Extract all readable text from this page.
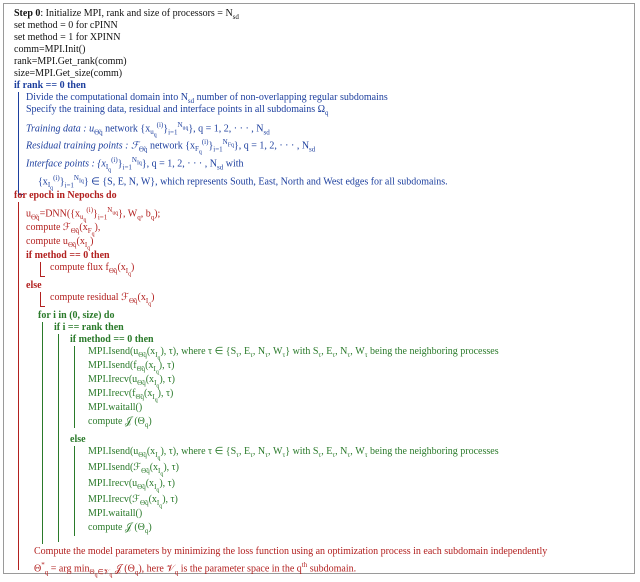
Step 0: Initialize MPI, rank and size of processors = $N_{sd}$
set method = 0 for cPINN
set method = 1 for XPINN
comm=MPI.Init()
rank=MPI.Get_rank(comm)
size=MPI.Get_size(comm)
if rank == 0 then
Divide the computational domain into $N_{sd}$ number of non-overlapping regular subdomains
Specify the training data, residual and interface points in all subdomains $\Omega_q$
Training data : $u_{\Thetãq}$ network $\{x_{u_q}^{(i)}\}_{i=1}^{N_{uq}}$}, q = 1, 2, · · · , $N_{sd}$
Residual training points : ℱ$_{\Thetãq}$ network $\{x_{F_q}^{(i)}\}_{i=1}^{N_{Fq}}$}, q = 1, 2, · · · , $N_{sd}$
Interface points : $\{x_{I_q}^{(i)}\}_{i=1}^{N_{Iq}}$}, q = 1, 2, · · · , $N_{sd}$ with
$\{x_{I_q}^{(i)}\}_{i=1}^{N_{Iq}}$} ∈ {S, E, N, W}, which represents South, East, North and West edges for all subdomains.
for epoch in Nepochs do
$u_{\Thetãq}=DNN(\{x_{u_q}^{(i)}\}_{i=1}^{N_{uq}}\}$, $W_q$, $b_q$);
compute $ℱ_{\Thetãq}(x_{F_q})$,
compute $u_{\Thetãq}(x_{I_q})$
if method == 0 then
compute flux $f_{\Thetãq}(x_{I_q})$
else
compute residual $ℱ_{\Thetãq}(x_{I_q})$
for i in (0, size) do
if i == rank then
if method == 0 then
$MPI.Isend(u_{\Thetãq}(x_{I_q})$, τ), where τ ∈ {$S_\tau$, $E_\tau$, $N_\tau$, $W_\tau$} with $S_\tau$, $E_\tau$, $N_\tau$, $W_\tau$ being the neighboring processes
$MPI.Isend(f_{\Thetãq}(x_{I_q})$, τ)
$MPI.Irecv(u_{\Thetãq}(x_{I_q})$, τ)
$MPI.Irecv(f_{\Thetãq}(x_{I_q})$, τ)
MPI.waitall()
compute 𝒥 $(\Theta_q)$
else
$MPI.Isend(u_{\Thetãq}(x_{I_q})$, τ), where τ ∈ {$S_\tau$, $E_\tau$, $N_\tau$, $W_\tau$} with $S_\tau$, $E_\tau$, $N_\tau$, $W_\tau$ being the neighboring processes
$MPI.Isend(ℱ_{\Thetãq}(x_{I_q})$, τ)
$MPI.Irecv(u_{\Thetãq}(x_{I_q})$, τ)
$MPI.Irecv(ℱ_{\Thetãq}(x_{I_q})$, τ)
MPI.waitall()
compute 𝒥 $(\Theta_q)$
Compute the model parameters by minimizing the loss function using an optimization process in each subdomain independently
$\Theta^*_q$ = arg $\min_{\Theta_q\in 𝒱_q}$ 𝒥 $(\Theta_q)$, here 𝒱$_q$ is the parameter space in the $q^{th}$ subdomain.
